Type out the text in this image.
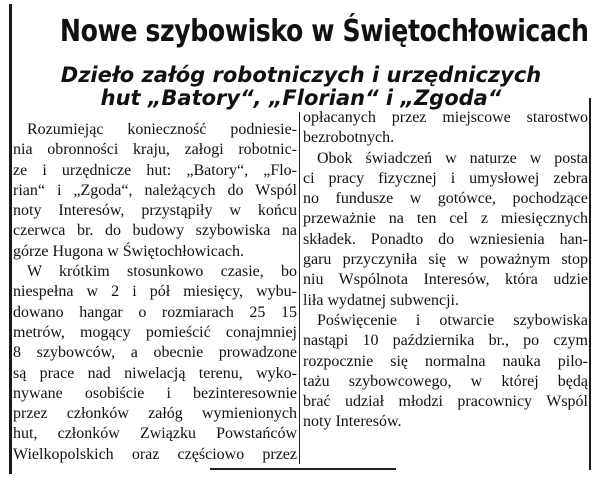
Nowe szybowisko w Świętochłowicach
Dzieło załóg robotniczych i urzędniczych
hut „Batory“, „Florian“ i „Zgoda“
Rozumiejąc konieczność podniesie-
nia obronności kraju, załogi robotnic-
ze i urzędnicze hut: „Batory“, „Flo-
rian“ i „Zgoda“, należących do Wspól
noty Interesów, przystąpiły w końcu
czerwca br. do budowy szybowiska na
górze Hugona w Świętochłowicach.
W krótkim stosunkowo czasie, bo
niespełna w 2 i pół miesięcy, wybu-
dowano hangar o rozmiarach 25 15
metrów, mogący pomieścić conajmniej
8 szybowców, a obecnie prowadzone
są prace nad niwelacją terenu, wyko-
nywane osobiście i bezinteresownie
przez członków załóg wymienionych
hut, członków Związku Powstańców
Wielkopolskich oraz częściowo przez
opłacanych przez miejscowe starostwo
bezrobotnych.
Obok świadczeń w naturze w posta
ci pracy fizycznej i umysłowej zebra
no fundusze w gotówce, pochodzące
przeważnie na ten cel z miesięcznych
składek. Ponadto do wzniesienia han-
garu przyczyniła się w poważnym stop
niu Wspólnota Interesów, która udzie
liła wydatnej subwencji.
Poświęcenie i otwarcie szybowiska
nastąpi 10 października br., po czym
rozpocznie się normalna nauka pilo-
tażu szybowcowego, w której będą
brać udział młodzi pracownicy Wspól
noty Interesów.
